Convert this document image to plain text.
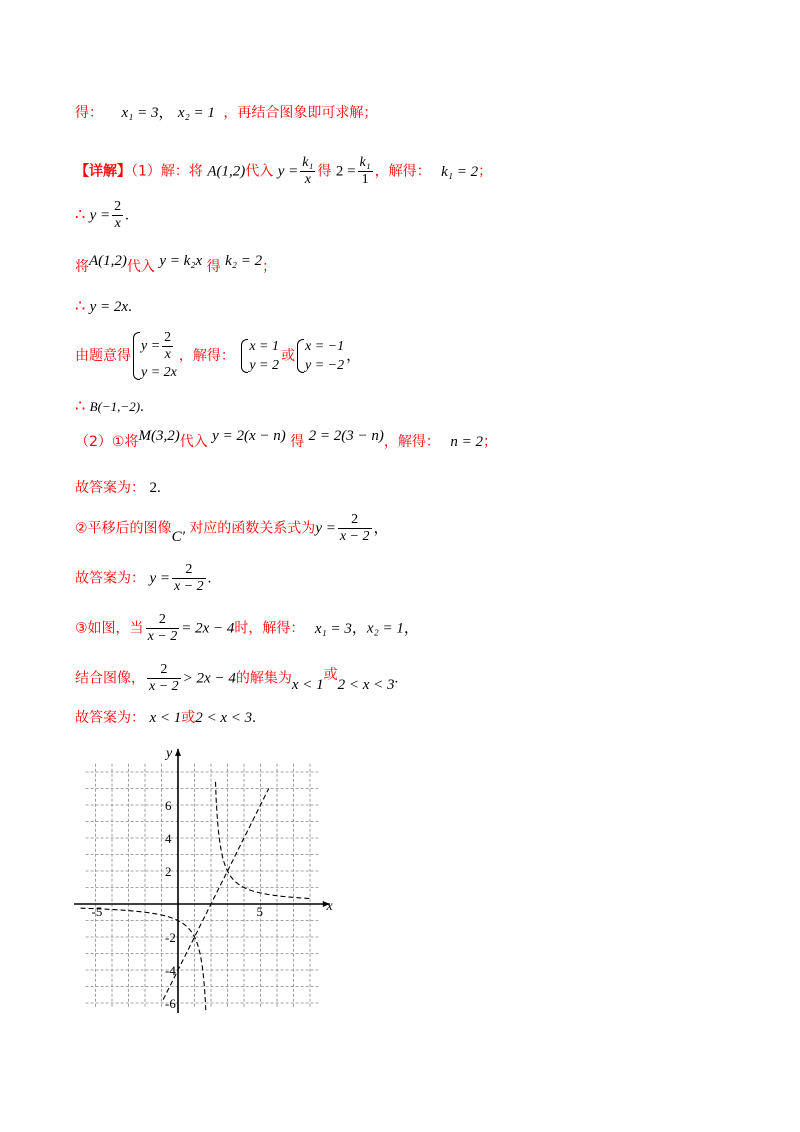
得： x₁ = 3， x₂ = 1 ，再结合图象即可求解；
【详解】（1）解：将 A(1,2)代入 $y = \frac{\text{k₁}}{x}$ 得 $2 = \frac{\text{k₁}}{1}$ ，解得： k₁ = 2；
∴ $y = \frac{2}{x}$ .
将A(1,2)代入 y = k₂x 得 k₂ = 2；
∴ y = 2x.
由题意得
$y = \frac{2}{x}$
y = 2x
，解得：
x = 1
y = 2
或
x = −1
y = −2
，
∴ B(−1,−2).
（2）①将M(3,2)代入 y = 2(x − n) 得 2 = 2(3 − n)，解得： n = 2；
故答案为： 2.
②平移后的图像C′ 对应的函数关系式为$y = \frac{2}{x - 2}$ ，
故答案为： $y = \frac{2}{x - 2}$ .
③如图，当 $\frac{2}{x - 2} = 2x - 4$时，解得： x₁ = 3，x₂ = 1，
结合图像， $\frac{2}{x - 2} > 2x - 4$的解集为x < 1或2 < x < 3.
故答案为： x < 1或2 < x < 3.
x
y
-5	5
6
4
2
-2
-4
-6
